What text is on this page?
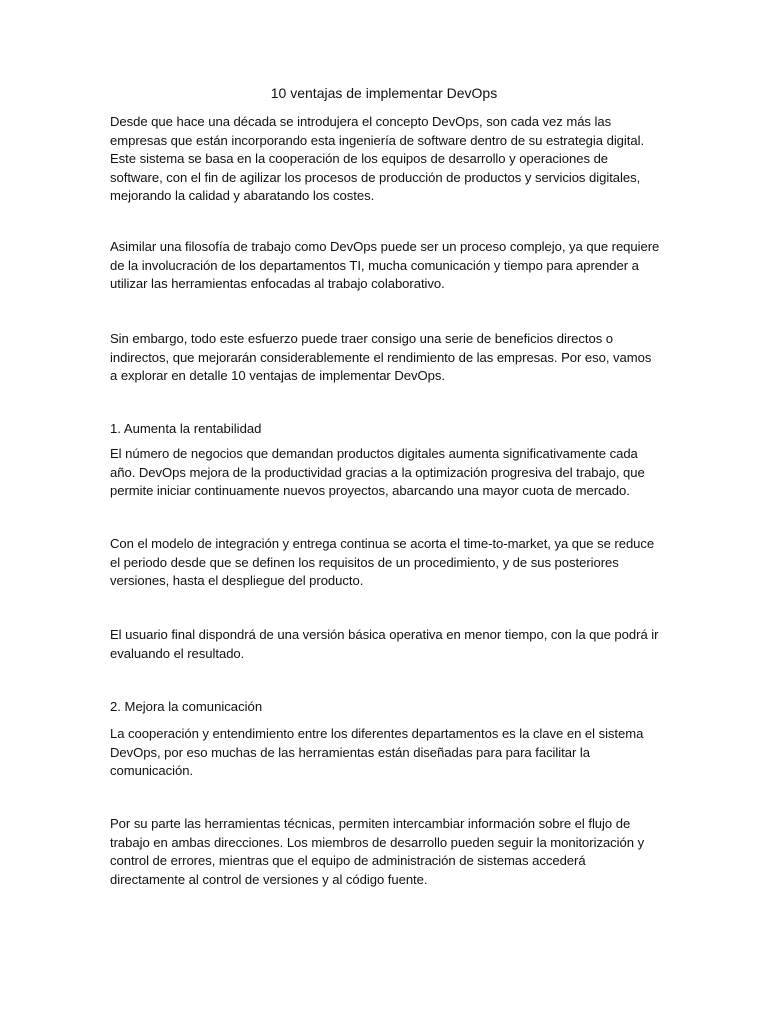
10 ventajas de implementar DevOps

Desde que hace una década se introdujera el concepto DevOps, son cada vez más las empresas que están incorporando esta ingeniería de software dentro de su estrategia digital. Este sistema se basa en la cooperación de los equipos de desarrollo y operaciones de software, con el fin de agilizar los procesos de producción de productos y servicios digitales, mejorando la calidad y abaratando los costes.

Asimilar una filosofía de trabajo como DevOps puede ser un proceso complejo, ya que requiere de la involucración de los departamentos TI, mucha comunicación y tiempo para aprender a utilizar las herramientas enfocadas al trabajo colaborativo.

Sin embargo, todo este esfuerzo puede traer consigo una serie de beneficios directos o indirectos, que mejorarán considerablemente el rendimiento de las empresas. Por eso, vamos a explorar en detalle 10 ventajas de implementar DevOps.

1. Aumenta la rentabilidad

El número de negocios que demandan productos digitales aumenta significativamente cada año. DevOps mejora de la productividad gracias a la optimización progresiva del trabajo, que permite iniciar continuamente nuevos proyectos, abarcando una mayor cuota de mercado.

Con el modelo de integración y entrega continua se acorta el time-to-market, ya que se reduce el periodo desde que se definen los requisitos de un procedimiento, y de sus posteriores versiones, hasta el despliegue del producto.

El usuario final dispondrá de una versión básica operativa en menor tiempo, con la que podrá ir evaluando el resultado.

2. Mejora la comunicación

La cooperación y entendimiento entre los diferentes departamentos es la clave en el sistema DevOps, por eso muchas de las herramientas están diseñadas para para facilitar la comunicación.

Por su parte las herramientas técnicas, permiten intercambiar información sobre el flujo de trabajo en ambas direcciones. Los miembros de desarrollo pueden seguir la monitorización y control de errores, mientras que el equipo de administración de sistemas accederá directamente al control de versiones y al código fuente.
